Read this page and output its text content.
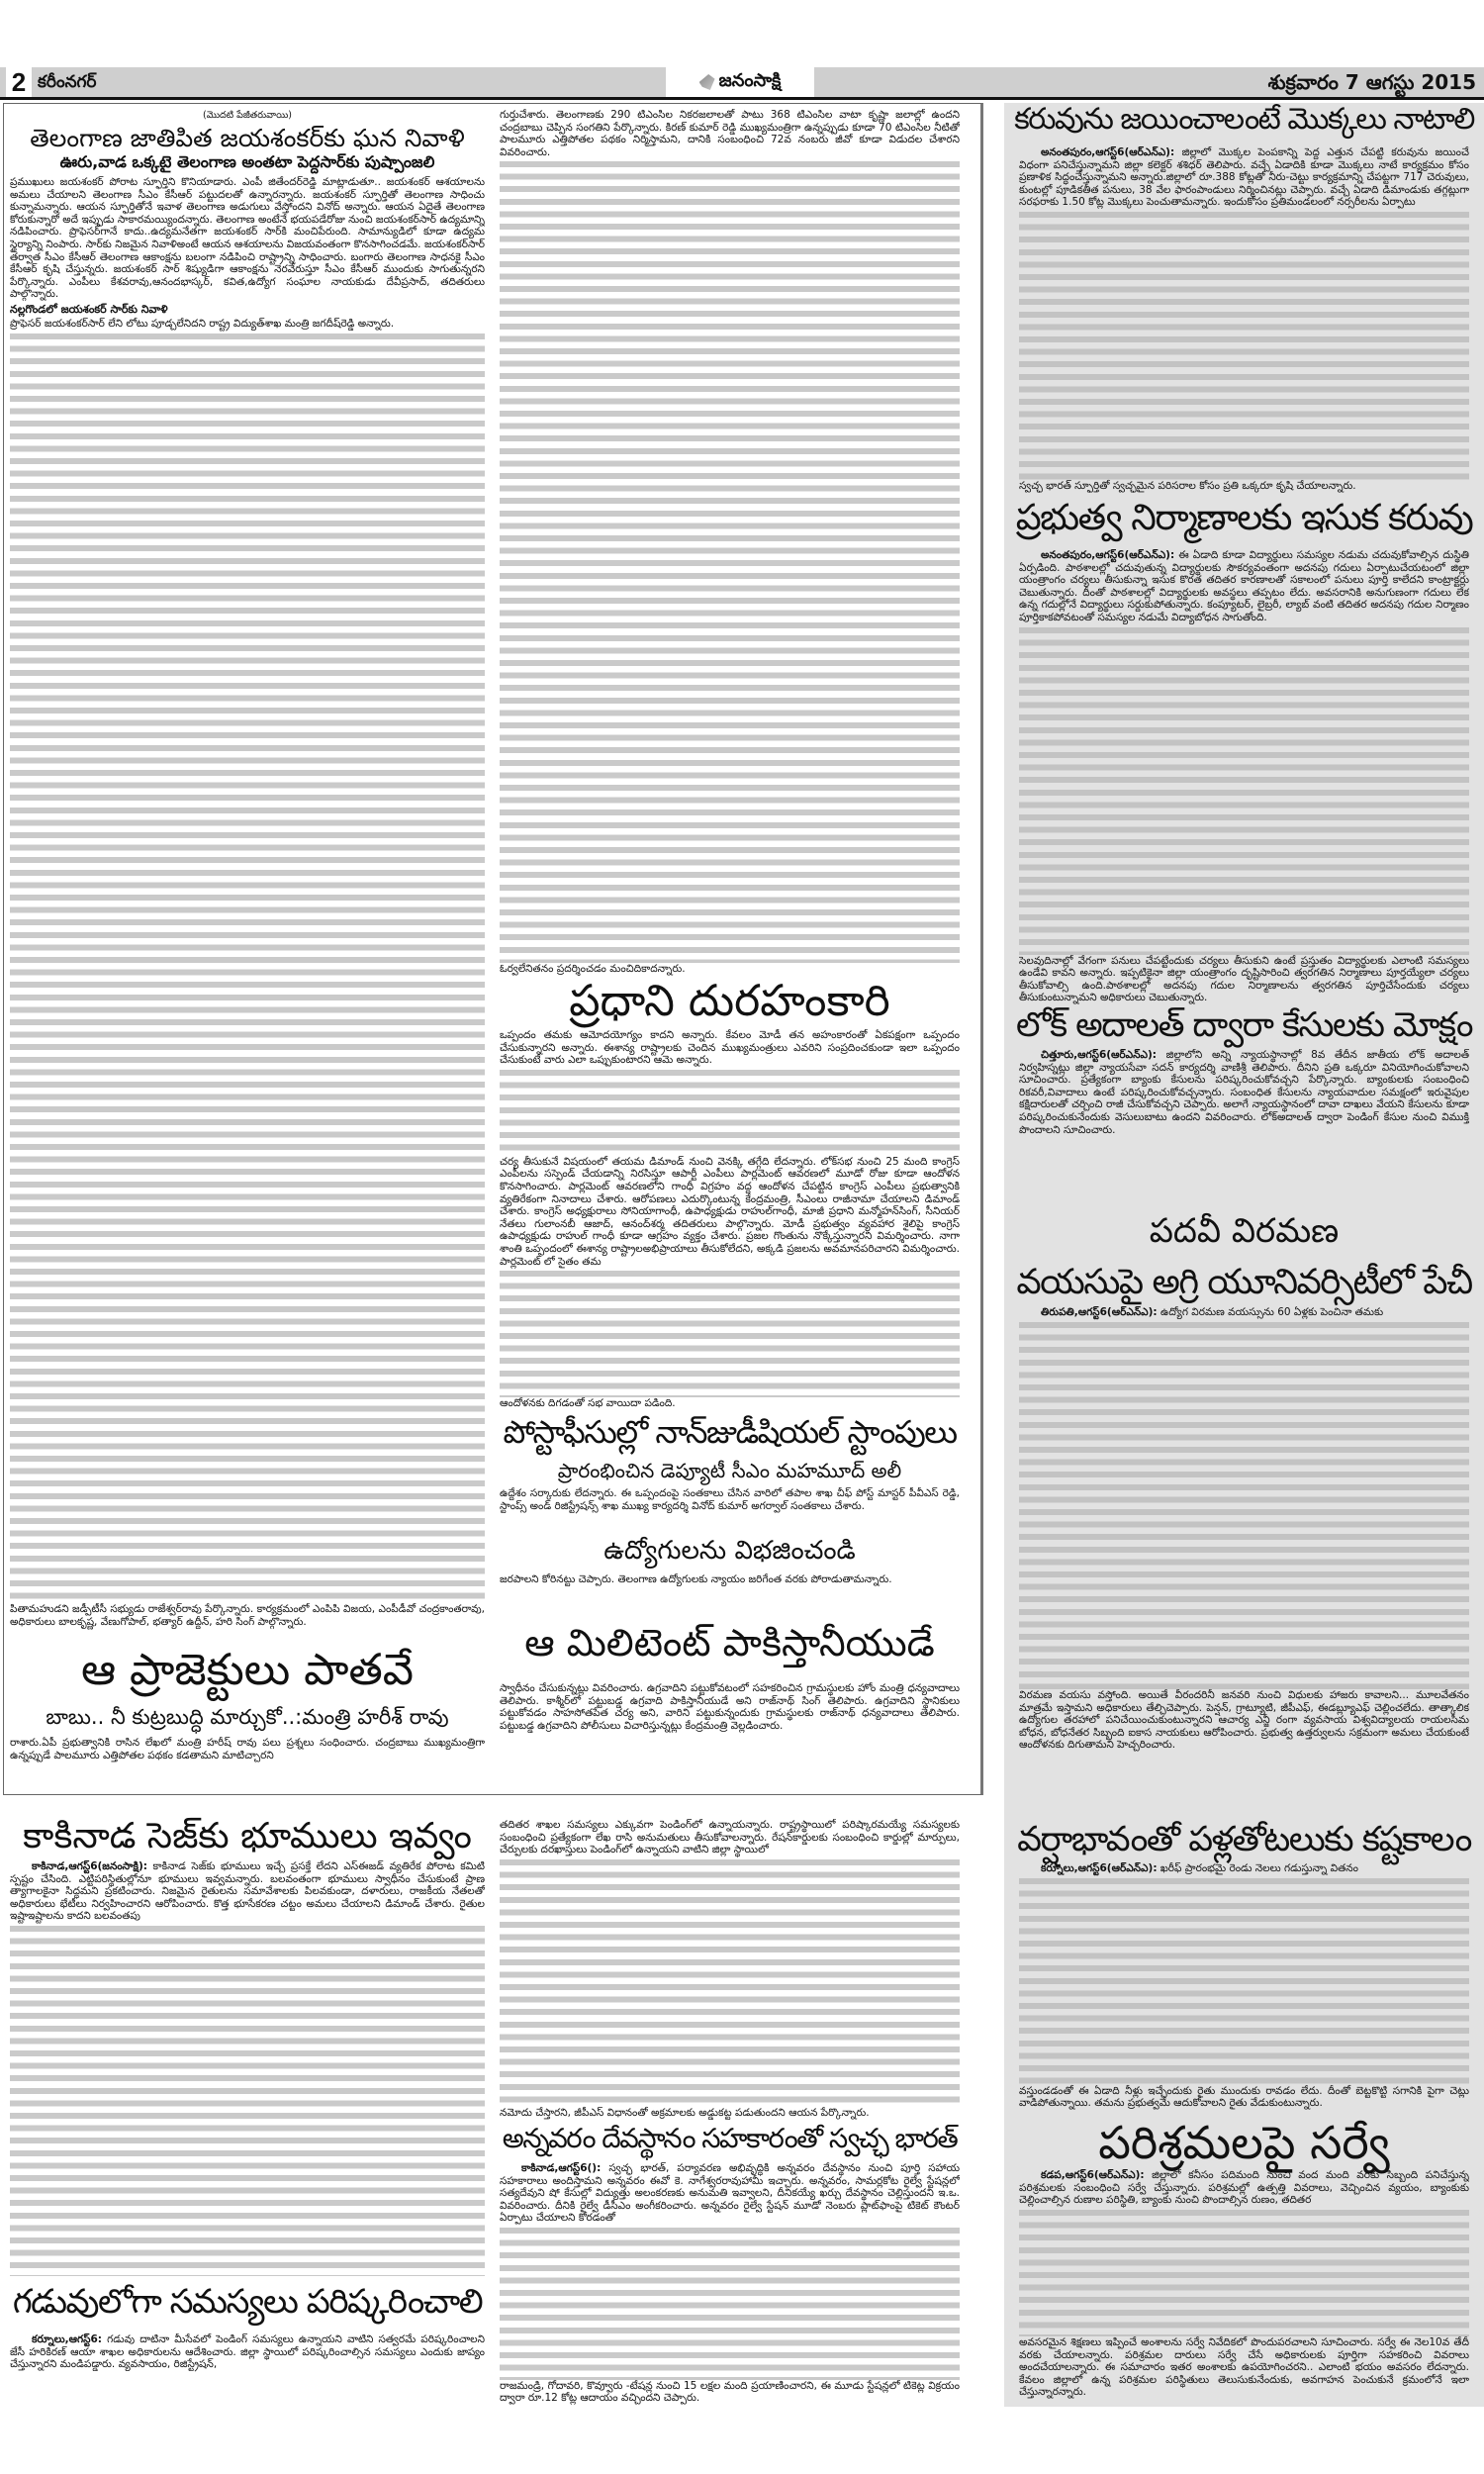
2 కరీంనగర్	జనంసాక్షి	శుక్రవారం 7 ఆగస్టు 2015
(మొదటి పేజీతరువాయి)
తెలంగాణ జాతిపిత జయశంకర్‌కు ఘన నివాళి
ఊరు,వాడ ఒక్కటై తెలంగాణ అంతటా పెద్దసార్‌కు పుష్పాంజలి

ప్రముఖులు జయశంకర్ పోరాట స్ఫూర్తిని కొనియాడారు. ఎంపీ జితేందర్‌రెడ్డి మాట్లాడుతూ.. జయశంకర్ ఆశయాలను అమలు చేయాలని తెలంగాణ సీఎం కేసీఆర్ పట్టుదలతో ఉన్నారన్నారు. జయశంకర్ స్ఫూర్తితో తెలంగాణ సాధించు కున్నామన్నారు. ఆయన స్ఫూర్తితోనే ఇవాళ తెలంగాణ అడుగులు వేస్తోందని వినోద్ అన్నారు. ఆయన ఏదైతే తెలంగాణ కోరుకున్నారో అదే ఇప్పుడు సాకారమయ్యిందన్నారు. తెలంగాణ అంటేనే భయపడేరోజు నుంచి జయశంకర్‌సార్ ఉద్యమాన్ని నడిపించారు. ప్రొఫెసర్‌గానే కాదు..ఉద్యమనేతగా జయశంకర్ సార్‌కి మంచిపేరుంది. సామాన్యుడిలో కూడా ఉద్యమ స్థైర్యాన్ని నింపారు. సార్‌కు నిజమైన నివాళిఅంటే ఆయన ఆశయాలను విజయవంతంగా కొనసాగించడమే. జయశంకర్‌సార్ తర్వాత సీఎం కేసీఆర్ తెలంగాణ ఆకాంక్షను బలంగా నడిపించి రాష్ట్రాన్ని సాధించారు. బంగారు తెలంగాణ సాధనకై సీఎం కేసీఆర్ కృషి చేస్తున్నరు. జయశంకర్ సార్ శిష్యుడిగా ఆకాంక్షను నెరవేరుస్తూ సీఎం కేసీఆర్ ముందుకు సాగుతున్నరని పేర్కొన్నారు. ఎంపీలు కేశవరావు,ఆనందభాస్కర్, కవిత,ఉద్యోగ సంఘాల నాయకుడు దేవీప్రసాద్, తదితరులు పాల్గొన్నారు.

నల్లగొండలో జయశంకర్ సార్‌కు నివాళి

ప్రొఫెసర్ జయశంకర్‌సార్ లేని లోటు పూడ్చలేనిదని రాష్ట్ర విద్యుత్‌శాఖ మంత్రి జగదీష్‌రెడ్డి అన్నారు.

పితామహుడని జడ్పీటీసీ సభ్యుడు రాజేశ్వర్‌రావు పేర్కొన్నారు. కార్యక్రమంలో ఎంపిపి విజయ, ఎంపీడీవో చంద్రకాంతరావు, అధికారులు బాలకృష్ణ, వేణుగోపాల్, భత్యార్ ఉద్దీన్, హరి సింగ్ పాల్గొన్నారు.

ఆ ప్రాజెక్టులు పాతవే
బాబు.. నీ కుట్రబుద్ధి మార్చుకో..:మంత్రి హరీశ్ రావు

రాశారు.ఏపీ ప్రభుత్వానికి రాసిన లేఖలో మంత్రి హరీష్ రావు పలు ప్రశ్నలు సంధించారు. చంద్రబాబు ముఖ్యమంత్రిగా ఉన్నప్పుడే పాలమూరు ఎత్తిపోతల పథకం కడతామని మాటిచ్చారని

గుర్తుచేశారు. తెలంగాణకు 290 టిఎంసిల నికరజలాలతో పాటు 368 టిఎంసిల వాటా కృష్ణా జలాల్లో ఉందని చంద్రబాబు చెప్పిన సంగతిని పేర్కొన్నారు. కిరణ్ కుమార్ రెడ్డి ముఖ్యమంత్రిగా ఉన్నప్పుడు కూడా 70 టిఎంసిల నీటితో పాలమూరు ఎత్తిపోతల పథకం నిర్మిస్తామని, దానికి సంబంధించి 72వ నంబరు జీవో కూడా విడుదల చేశారని వివరించారు.

ఓర్వలేనితనం ప్రదర్శించడం మంచిదికాదన్నారు.

ప్రధాని దురహంకారి

ఒప్పందం తమకు ఆమోదయోగ్యం కాదని అన్నారు. కేవలం మోడీ తన అహంకారంతో ఏకపక్షంగా ఒప్పందం చేసుకున్నారని అన్నారు. ఈశాన్య రాష్ట్రాలకు చెందిన ముఖ్యమంత్రులు ఎవరిని సంప్రదించకుండా ఇలా ఒప్పందం చేసుకుంటే వారు ఎలా ఒప్పుకుంటారని ఆమె అన్నారు.

చర్య తీసుకునే విషయంలో తయమ డిమాండ్ నుంచి వెనక్కి తగ్గేది లేదన్నారు. లోక్‌సభ నుంచి 25 మంది కాంగ్రెస్ ఎంపీలను సస్పెండ్ చేయడాన్ని నిరసిస్తూ ఆపార్టీ ఎంపీలు పార్లమెంట్ ఆవరణలో మూడో రోజు కూడా ఆందోళన కొనసాగించారు. పార్లమెంట్ ఆవరణలోని గాంధీ విగ్రహం వద్ద ఆందోళన చేపట్టిన కాంగ్రెస్ ఎంపీలు ప్రభుత్వానికి వ్యతిరేకంగా నినాదాలు చేశారు. ఆరోపణలు ఎదుర్కొంటున్న కేంద్రమంత్రి, సీఎంలు రాజీనామా చేయాలని డిమాండ్ చేశారు. కాంగ్రెస్ అధ్యక్షురాలు సోనియాగాంధీ, ఉపాధ్యక్షుడు రాహుల్‌గాంధీ, మాజీ ప్రధాని మన్మోహన్‌సింగ్, సీనియర్ నేతలు గులాంనబీ ఆజాద్, ఆనంద్‌శర్మ తదితరులు పాల్గొన్నారు. మోడీ ప్రభుత్వం వ్యవహార శైలిపై కాంగ్రెస్ ఉపాధ్యక్షుడు రాహుల్ గాంధీ కూడా ఆగ్రహం వ్యక్తం చేశారు. ప్రజల గొంతును నొక్కేస్తున్నారని విమర్శించారు. నాగా శాంతి ఒప్పందంలో ఈశాన్య రాష్ట్రాలఅభిప్రాయాలు తీసుకోలేదని, అక్కడి ప్రజలను అవమానపరిచారని విమర్శించారు. పార్లమెంట్ లో సైతం తమ

ఆందోళనకు దిగడంతో సభ వాయిదా పడింది.

పోస్టాఫీసుల్లో నాన్‌జుడీషియల్ స్టాంపులు
ప్రారంభించిన డెప్యూటీ సీఎం మహమూద్ అలీ

ఉద్దేశం సర్కారుకు లేదన్నారు. ఈ ఒప్పందంపై సంతకాలు చేసిన వారిలో తపాల శాఖ చీఫ్ పోస్ట్ మాస్టర్ పీవీఎస్ రెడ్డి, స్టాంప్స్ అండ్ రిజిస్ట్రేషన్స్ శాఖ ముఖ్య కార్యదర్శి వినోద్ కుమార్ అగర్వాల్ సంతకాలు చేశారు.

ఉద్యోగులను విభజించండి

జరపాలని కోరినట్టు చెప్పారు. తెలంగాణ ఉద్యోగులకు న్యాయం జరిగేంత వరకు పోరాడుతామన్నారు.

ఆ మిలిటెంట్ పాకిస్తానీయుడే

స్వాధీనం చేసుకున్నట్లు వివరించారు. ఉగ్రవాదిని పట్టుకోవటంలో సహకరించిన గ్రామస్థులకు హోం మంత్రి ధన్యవాదాలు తెలిపారు. కాశ్మీర్‌లో పట్టుబడ్డ ఉగ్రవాది పాకిస్తానీయుడే అని రాజ్‌నాథ్ సింగ్ తెలిపారు. ఉగ్రవాదిని స్థానికులు పట్టుకోవడం సాహసోతపేత చర్య అని, వారిని పట్టుకున్నందుకు గ్రామస్థులకు రాజ్‌నాథ్ ధన్యవాదాలు తెలిపారు. పట్టుబడ్డ ఉగ్రవాదిని పోలీసులు విచారిస్తున్నట్లు కేంద్రమంత్రి వెల్లడించారు.

కాకినాడ సెజ్‌కు భూములు ఇవ్వం

కాకినాడ,ఆగస్ట్6(జనంసాక్షి): కాకినాడ సెజ్‌కు భూములు ఇచ్చే ప్రసక్తే లేదని ఎస్‌ఈజడ్ వ్యతిరేక పోరాట కమిటి స్పష్టం చేసింది. ఎట్టిపరిస్థితుల్లోనూ భూములు ఇవ్వమన్నారు. బలవంతంగా భూములు స్వాధీనం చేసుకుంటే ప్రాణ త్యాగాలకైనా సిద్ధమని ప్రకటించారు. నిజమైన రైతులను సమావేశాలకు పిలవకుండా, దళారులు, రాజకీయ నేతలతో అధికారులు భేటీలు నిర్వహించారని ఆరోపించారు. కొత్త భూసేకరణ చట్టం అమలు చేయాలని డిమాండ్ చేశారు. రైతుల ఇష్టాఇష్టాలను కాదని బలవంతపు

గడువులోగా సమస్యలు పరిష్కరించాలి

కర్నూలు,ఆగస్ట్6: గడువు దాటినా మీసేవలో పెండింగ్ సమస్యలు ఉన్నాయని వాటిని సత్వరమే పరిష్కరించాలని జేసీ హరికిరణ్ ఆయా శాఖల అధికారులను ఆదేశించారు. జిల్లా స్థాయిలో పరిష్కరించాల్సిన సమస్యలు ఎందుకు జాప్యం చేస్తున్నారని మండిపడ్డారు. వ్యవసాయం, రిజిస్ట్రేషన్,

తదితర శాఖల సమస్యలు ఎక్కువగా పెండింగ్‌లో ఉన్నాయన్నారు. రాష్ట్రస్థాయిలో పరిష్కారమయ్యే సమస్యలకు సంబంధించి ప్రత్యేకంగా లేఖ రాసి అనుమతులు తీసుకోవాలన్నారు. రేషన్‌కార్డులకు సంబంధించి కార్డుల్లో మార్పులు, చేర్పులకు దరఖాస్తులు పెండింగ్‌లో ఉన్నాయని వాటిని జిల్లా స్థాయిలో

నమోదు చేస్తారని, జీపీఎస్ విధానంతో అక్రమాలకు అడ్డుకట్ట పడుతుందని ఆయన పేర్కొన్నారు.

అన్నవరం దేవస్థానం సహకారంతో స్వచ్ఛ భారత్

కాకినాడ,ఆగస్ట్6(): స్వచ్ఛ భారత్, పర్యావరణ అభివృద్ధికి అన్నవరం దేవస్థానం నుంచి పూర్తి సహాయ సహకారాలు అందిస్తామని అన్నవరం ఈవో కె. నాగేశ్వరరావుహామీ ఇచ్చారు. అన్నవరం, సామర్లకోట రైల్వే స్టేషన్లలో సత్యదేవుని షో కేసుల్లో విద్యుత్తు అలంకరణకు అనుమతి ఇవ్వాలని, దీనికయ్యే ఖర్చు దేవస్థానం చెల్లిస్తుందని ఇ.ఒ. వివరించారు. దీనికి రైల్వే డీసీఎం అంగీకరించారు. అన్నవరం రైల్వే స్టేషన్ మూడో నెంబరు ప్లాట్‌ఫాంపై టికెట్ కౌంటర్ ఏర్పాటు చేయాలని కోరడంతో

రాజమండ్రి, గోదావరి, కొవ్వూరు -టేషన్ల నుంచి 15 లక్షల మంది ప్రయాణించారని, ఈ మూడు స్టేషన్లలో టికెట్ల విక్రయం ద్వారా రూ.12 కోట్ల ఆదాయం వచ్చిందని చెప్పారు.

కరువును జయించాలంటే మొక్కలు నాటాలి

అనంతపురం,ఆగస్ట్6(ఆర్ఎన్ఎ): జిల్లాలో మొక్కల పెంపకాన్ని పెద్ద ఎత్తున చేపట్టి కరువును జయించే విధంగా పనిచేస్తున్నామని జిల్లా కలెక్టర్ శశిధర్ తెలిపారు. వచ్చే ఏడాదికి కూడా మొక్కలు నాటే కార్యక్రమం కోసం ప్రణాళిక సిద్ధంచేస్తున్నామని అన్నారు.జిల్లాలో రూ.388 కోట్లతో నీరు-చెట్టు కార్యక్రమాన్ని చేపట్టగా 717 చెరువులు, కుంటల్లో పూడికతీత పనులు, 38 వేల ఫారంపాండులు నిర్మించినట్లు చెప్పారు. వచ్చే ఏడాది డిమాండుకు తగ్గట్లుగా సరఫరాకు 1.50 కోట్ల మొక్కలు పెంచుతామన్నారు. ఇందుకోసం ప్రతిమండలంలో నర్సరీలను ఏర్పాటు

స్వచ్ఛ భారత్ స్ఫూర్తితో స్వచ్ఛమైన పరిసరాల కోసం ప్రతి ఒక్కరూ కృషి చేయాలన్నారు.

ప్రభుత్వ నిర్మాణాలకు ఇసుక కరువు

అనంతపురం,ఆగస్ట్6(ఆర్ఎన్ఎ): ఈ ఏడాది కూడా విద్యార్థులు సమస్యల నడుమ చదువుకోవాల్సిన దుస్థితి ఏర్పడింది. పాఠశాలల్లో చదువుతున్న విద్యార్థులకు సౌకర్యవంతంగా అదనపు గదులు ఏర్పాటుచేయటంలో జిల్లా యంత్రాంగం చర్యలు తీసుకున్నా ఇసుక కొరత తదితర కారణాలతో సకాలంలో పనులు పూర్తి కాలేదని కాంట్రాక్టర్లు చెబుతున్నారు. దీంతో పాఠశాలల్లో విద్యార్థులకు అవస్థలు తప్పటం లేదు. అవసరానికి అనుగుణంగా గదులు లేక ఉన్న గదుల్లోనే విద్యార్థులు సర్దుకుపోతున్నారు. కంప్యూటర్, లైబ్రరీ, ల్యాబ్ వంటి తదితర అదనపు గదుల నిర్మాణం పూర్తికాకపోవటంతో సమస్యల నడుమే విద్యాబోధన సాగుతోంది.

సెలవుదినాల్లో వేగంగా పనులు చేపట్టేందుకు చర్యలు తీసుకుని ఉంటే ప్రస్తుతం విద్యార్థులకు ఎలాంటి సమస్యలు ఉండేవి కావని అన్నారు. ఇప్పటికైనా జిల్లా యంత్రాంగం దృష్టిసారించి త్వరగతిన నిర్మాణాలు పూర్తయ్యేలా చర్యలు తీసుకోవాల్సి ఉంది.పాఠశాలల్లో అదనపు గదుల నిర్మాణాలను త్వరగతిన పూర్తిచేసేందుకు చర్యలు తీసుకుంటున్నామని అధికారులు చెబుతున్నారు.

లోక్ అదాలత్ ద్వారా కేసులకు మోక్షం

చిత్తూరు,ఆగస్ట్6(ఆర్ఎన్ఎ): జిల్లాలోని అన్ని న్యాయస్థానాల్లో 8వ తేదీన జాతీయ లోక్ అదాలత్ నిర్వహిస్నట్లు జిల్లా న్యాయసేవా సదన్ కార్యదర్శి వాణిశ్రీ తెలిపారు. దీనిని ప్రతి ఒక్కరూ వినియోగించుకోవాలని సూచించారు. ప్రత్యేకంగా బ్యాంకు కేసులను పరిష్కరించుకోవచ్చని పేర్కొన్నారు. బ్యాంకులకు సంబంధించి రికవరీ,వివాదాలు ఉంటే పరిష్కరించుకోవచ్చన్నారు. సంబంధిత కేసులను న్యాయవాదుల సమక్షంలో ఇరువైపుల కక్షిదారులతో చర్చించి రాజీ చేసుకోవచ్చని చెప్పారు. అలాగే న్యాయస్థానంలో దావా దాఖలు వేయని కేసులను కూడా పరిష్కరించుకునేందుకు వెసులుబాటు ఉందని వివరించారు. లోక్‌అదాలత్ ద్వారా పెండింగ్ కేసుల నుంచి విముక్తి పొందాలని సూచించారు.

పదవీ విరమణ
వయసుపై అగ్రి యూనివర్సిటీలో పేచీ

తిరుపతి,ఆగస్ట్6(ఆర్ఎన్ఎ): ఉద్యోగ విరమణ వయస్సును 60 ఏళ్లకు పెంచినా తమకు

విరమణ వయసు వస్తోంది. అయితే వీరందరినీ జనవరి నుంచి విధులకు హాజరు కావాలని... మూలవేతనం మాత్రమే ఇస్తామని అధికారులు తేల్చిచెప్పారు. పెన్షన్, గ్రాట్యూటి, జీపీఎఫ్, ఈడబ్ల్యూఎఫ్ చెల్లించలేదు. తాత్కాలిక ఉద్యోగుల తరహాలో పనిచేయించుకుంటున్నారని ఆచార్య ఎన్జీ రంగా వ్యవసాయ విశ్వవిద్యాలయ రాయలసీమ బోధన, బోధనేతర సిబ్బంది ఐకాస నాయకులు ఆరోపించారు. ప్రభుత్వ ఉత్తర్వులను సక్రమంగా అమలు చేయకుంటే ఆందోళనకు దిగుతామని హెచ్చరించారు.

వర్షాభావంతో పళ్లతోటలుకు కష్టకాలం

కర్నూలు,ఆగస్ట్6(ఆర్ఎన్ఎ): ఖరీఫ్ ప్రారంభమై రెండు నెలలు గడుస్తున్నా వితనం

వస్తుండడంతో ఈ ఏడాది నీళ్లు ఇచ్చేందుకు రైతు ముందుకు రావడం లేదు. దీంతో బెట్టకొట్టి సగానికి పైగా చెట్లు వాడిపోతున్నాయి. తమను ప్రభుత్వమే ఆదుకోవాలని రైతు వేడుకుంటున్నారు.

పరిశ్రమలపై సర్వే

కడప,ఆగస్ట్6(ఆర్ఎన్ఎ): జిల్లాలో కనీసం పదిమంది నుంచి వంద మంది వరకు సిబ్బంది పనిచేస్తున్న పరిశ్రమలకు సంబంధించి సర్వే చేస్తున్నారు. పరిశ్రమల్లో ఉత్పత్తి వివరాలు, వెచ్చించిన వ్యయం, బ్యాంకుకు చెల్లించాల్సిన రుణాల పరిస్థితి, బ్యాంకు నుంచి పొందాల్సిన రుణం, తదితర

అవసరమైన శిక్షణలు ఇప్పించే అంశాలను సర్వే నివేదికలో పొందుపరచాలని సూచించారు. సర్వే ఈ నెల10వ తేదీ వరకు చేయాలన్నారు. పరిశ్రమల దారులు సర్వే చేసే అధికారులకు పూర్తిగా సహకరించి వివరాలు అందచేయాలన్నారు. ఈ సమాచారం ఇతర అంశాలకు ఉపయోగించరని.. ఎలాంటి భయం అవసరం లేదన్నారు. కేవలం జిల్లాలో ఉన్న పరిశ్రమల పరిస్థితులు తెలుసుకునేందుకు, అవగాహన పెంచుకునే క్రమంలోనే ఇలా చేస్తున్నారన్నారు.
